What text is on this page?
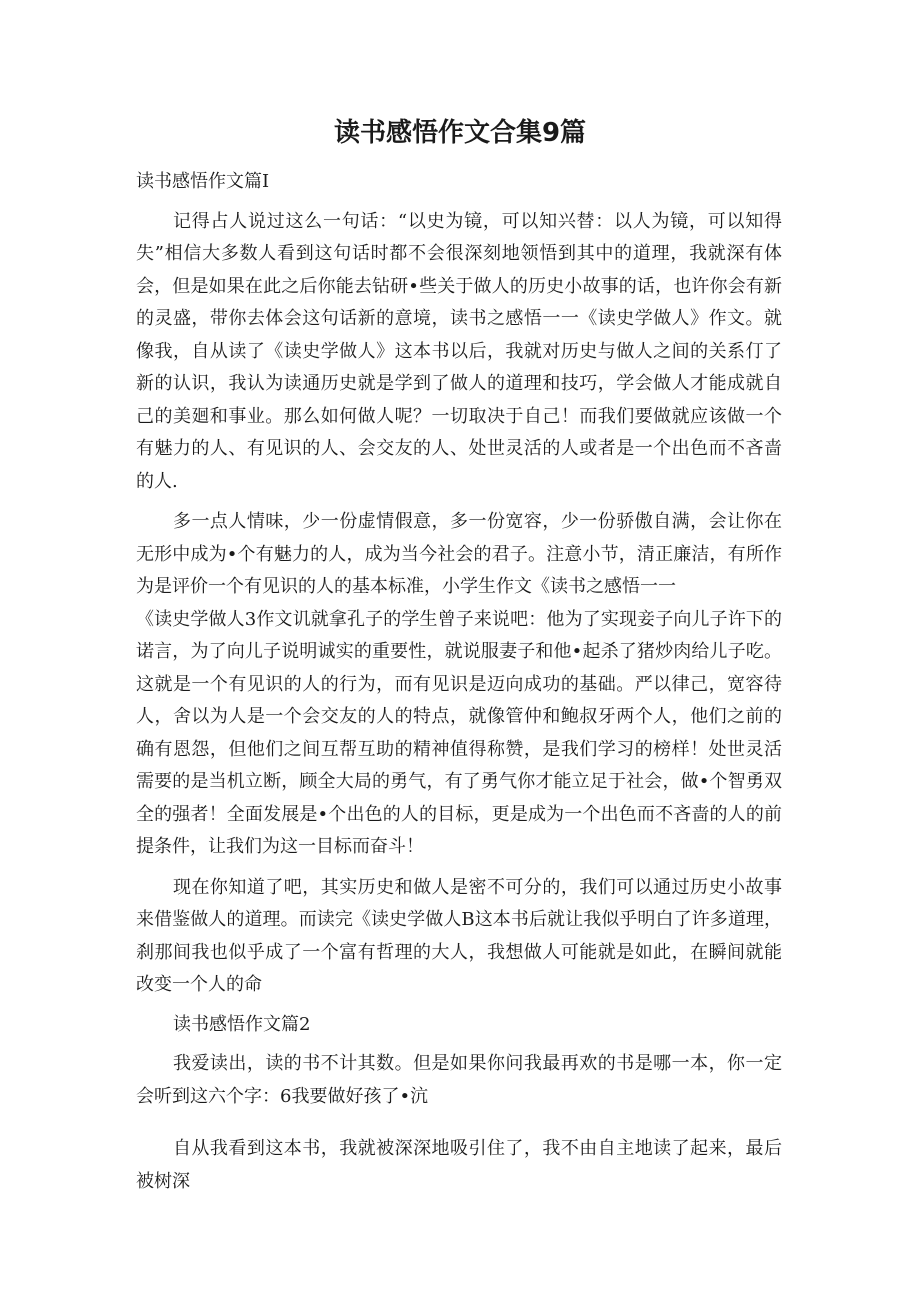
读书感悟作文合集9篇

读书感悟作文篇I

记得占人说过这么一句话：“以史为镜，可以知兴替：以人为镜，可以知得失”相信大多数人看到这句话时都不会很深刻地领悟到其中的道理，我就深有体会，但是如果在此之后你能去钻研•些关于做人的历史小故事的话，也许你会有新的灵盛，带你去体会这句话新的意境，读书之感悟一一《读史学做人》作文。就像我，自从读了《读史学做人》这本书以后，我就对历史与做人之间的关系仃了新的认识，我认为读通历史就是学到了做人的道理和技巧，学会做人才能成就自己的美廻和事业。那么如何做人呢？一切取决于自己！而我们要做就应该做一个有魅力的人、有见识的人、会交友的人、处世灵活的人或者是一个出色而不吝啬的人.

多一点人情味，少一份虚情假意，多一份宽容，少一份骄傲自满，会让你在无形中成为•个有魅力的人，成为当今社会的君子。注意小节，清正廉洁，有所作为是评价一个有见识的人的基本标准，小学生作文《读书之感悟一一

《读史学做人3作文讥就拿孔子的学生曾子来说吧：他为了实现妾子向儿子许下的诺言，为了向儿子说明诚实的重要性，就说服妻子和他•起杀了猪炒肉给儿子吃。这就是一个有见识的人的行为，而有见识是迈向成功的基础。严以律己，宽容待人，舍以为人是一个会交友的人的特点，就像管仲和鲍叔牙两个人，他们之前的确有恩怨，但他们之间互帮互助的精神值得称赞，是我们学习的榜样！处世灵活需要的是当机立断，顾全大局的勇气，有了勇气你才能立足于社会，做•个智勇双全的强者！全面发展是•个出色的人的目标，更是成为一个出色而不吝啬的人的前提条件，让我们为这一目标而奋斗！

现在你知道了吧，其实历史和做人是密不可分的，我们可以通过历史小故事来借鉴做人的道理。而读完《读史学做人B这本书后就让我似乎明白了许多道理，刹那间我也似乎成了一个富有哲理的大人，我想做人可能就是如此，在瞬间就能改变一个人的命

读书感悟作文篇2

我爱读出，读的书不计其数。但是如果你问我最再欢的书是哪一本，你一定会听到这六个字：6我要做好孩了•沆

自从我看到这本书，我就被深深地吸引住了，我不由自主地读了起来，最后被树深
